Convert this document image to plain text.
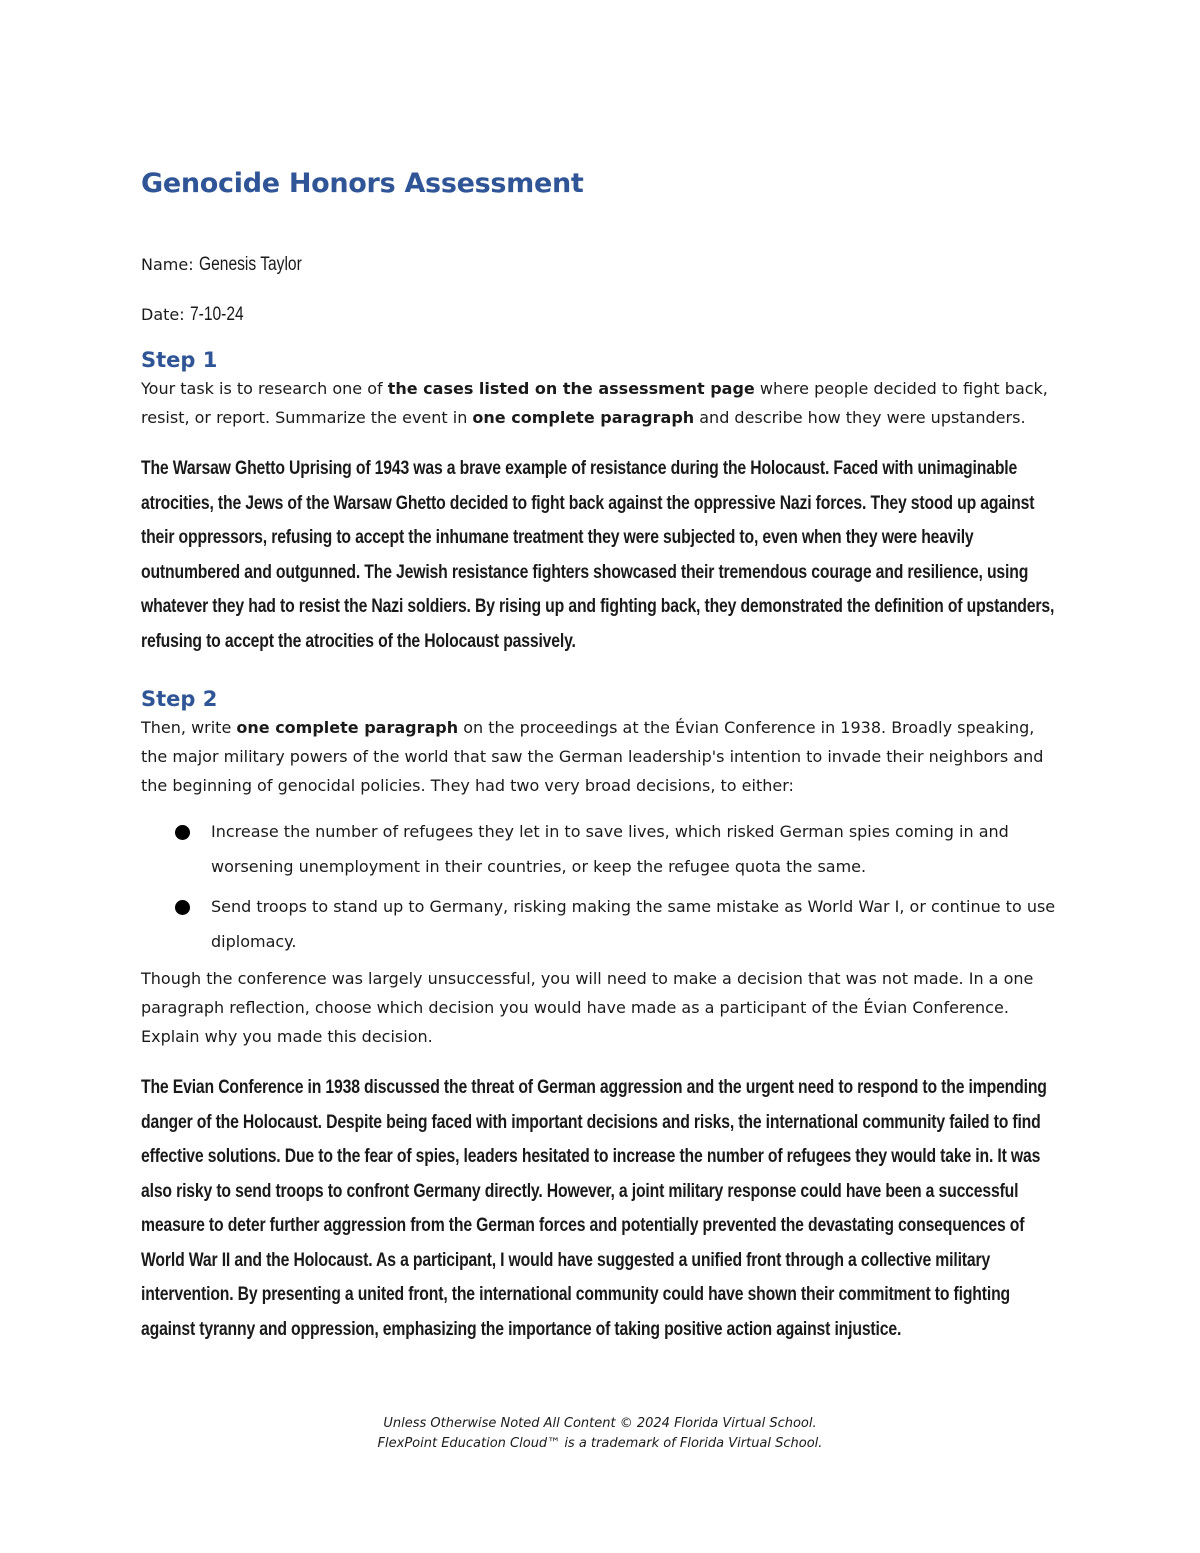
Genocide Honors Assessment

Name: Genesis Taylor

Date: 7-10-24

Step 1

Your task is to research one of the cases listed on the assessment page where people decided to fight back, resist, or report. Summarize the event in one complete paragraph and describe how they were upstanders.

The Warsaw Ghetto Uprising of 1943 was a brave example of resistance during the Holocaust. Faced with unimaginable atrocities, the Jews of the Warsaw Ghetto decided to fight back against the oppressive Nazi forces. They stood up against their oppressors, refusing to accept the inhumane treatment they were subjected to, even when they were heavily outnumbered and outgunned. The Jewish resistance fighters showcased their tremendous courage and resilience, using whatever they had to resist the Nazi soldiers. By rising up and fighting back, they demonstrated the definition of upstanders, refusing to accept the atrocities of the Holocaust passively.

Step 2

Then, write one complete paragraph on the proceedings at the Évian Conference in 1938. Broadly speaking, the major military powers of the world that saw the German leadership's intention to invade their neighbors and the beginning of genocidal policies. They had two very broad decisions, to either:

Increase the number of refugees they let in to save lives, which risked German spies coming in and worsening unemployment in their countries, or keep the refugee quota the same.
Send troops to stand up to Germany, risking making the same mistake as World War I, or continue to use diplomacy.

Though the conference was largely unsuccessful, you will need to make a decision that was not made. In a one paragraph reflection, choose which decision you would have made as a participant of the Évian Conference. Explain why you made this decision.

The Evian Conference in 1938 discussed the threat of German aggression and the urgent need to respond to the impending danger of the Holocaust. Despite being faced with important decisions and risks, the international community failed to find effective solutions. Due to the fear of spies, leaders hesitated to increase the number of refugees they would take in. It was also risky to send troops to confront Germany directly. However, a joint military response could have been a successful measure to deter further aggression from the German forces and potentially prevented the devastating consequences of World War II and the Holocaust. As a participant, I would have suggested a unified front through a collective military intervention. By presenting a united front, the international community could have shown their commitment to fighting against tyranny and oppression, emphasizing the importance of taking positive action against injustice.

Unless Otherwise Noted All Content © 2024 Florida Virtual School.
FlexPoint Education Cloud™ is a trademark of Florida Virtual School.
